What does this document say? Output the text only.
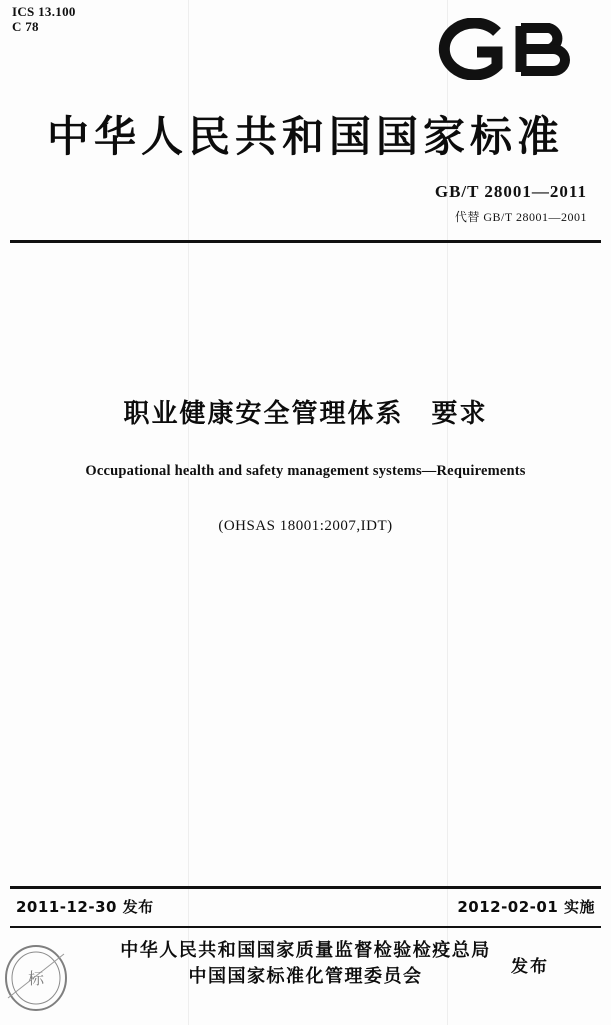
ICS 13.100
C 78
中华人民共和国国家标准
GB/T 28001—2011
代替 GB/T 28001—2001
职业健康安全管理体系　要求
Occupational health and safety management systems—Requirements
(OHSAS 18001:2007,IDT)
2011-12-30 发布	2012-02-01 实施
中华人民共和国国家质量监督检验检疫总局
中国国家标准化管理委员会	发布
标
